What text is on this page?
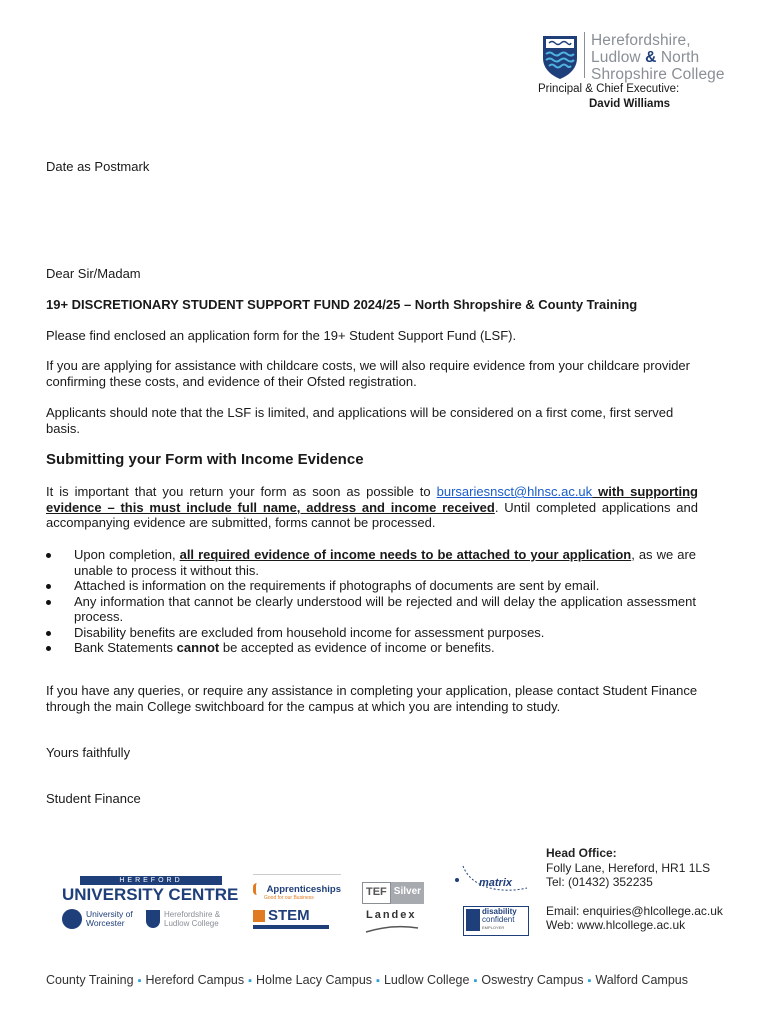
Herefordshire,
Ludlow & North
Shropshire College
Principal & Chief Executive:
David Williams
Date as Postmark
Dear Sir/Madam
19+ DISCRETIONARY STUDENT SUPPORT FUND 2024/25 – North Shropshire & County Training
Please find enclosed an application form for the 19+ Student Support Fund (LSF).
If you are applying for assistance with childcare costs, we will also require evidence from your childcare provider confirming these costs, and evidence of their Ofsted registration.
Applicants should note that the LSF is limited, and applications will be considered on a first come, first served basis.
Submitting your Form with Income Evidence
It is important that you return your form as soon as possible to bursariesnsct@hlnsc.ac.uk with supporting evidence – this must include full name, address and income received. Until completed applications and accompanying evidence are submitted, forms cannot be processed.
Upon completion, all required evidence of income needs to be attached to your application, as we are unable to process it without this.
Attached is information on the requirements if photographs of documents are sent by email.
Any information that cannot be clearly understood will be rejected and will delay the application assessment process.
Disability benefits are excluded from household income for assessment purposes.
Bank Statements cannot be accepted as evidence of income or benefits.
If you have any queries, or require any assistance in completing your application, please contact Student Finance through the main College switchboard for the campus at which you are intending to study.
Yours faithfully
Student Finance
HEREFORD
UNIVERSITY CENTRE
University of Worcester
Herefordshire & Ludlow College
Apprenticeships
Good for our Business
STEM
TEF Silver
Landex
matrix
disability
confident
EMPLOYER
Head Office:
Folly Lane, Hereford, HR1 1LS
Tel: (01432) 352235
Email: enquiries@hlcollege.ac.uk
Web: www.hlcollege.ac.uk
County Training ▪ Hereford Campus ▪ Holme Lacy Campus ▪ Ludlow College ▪ Oswestry Campus ▪ Walford Campus
